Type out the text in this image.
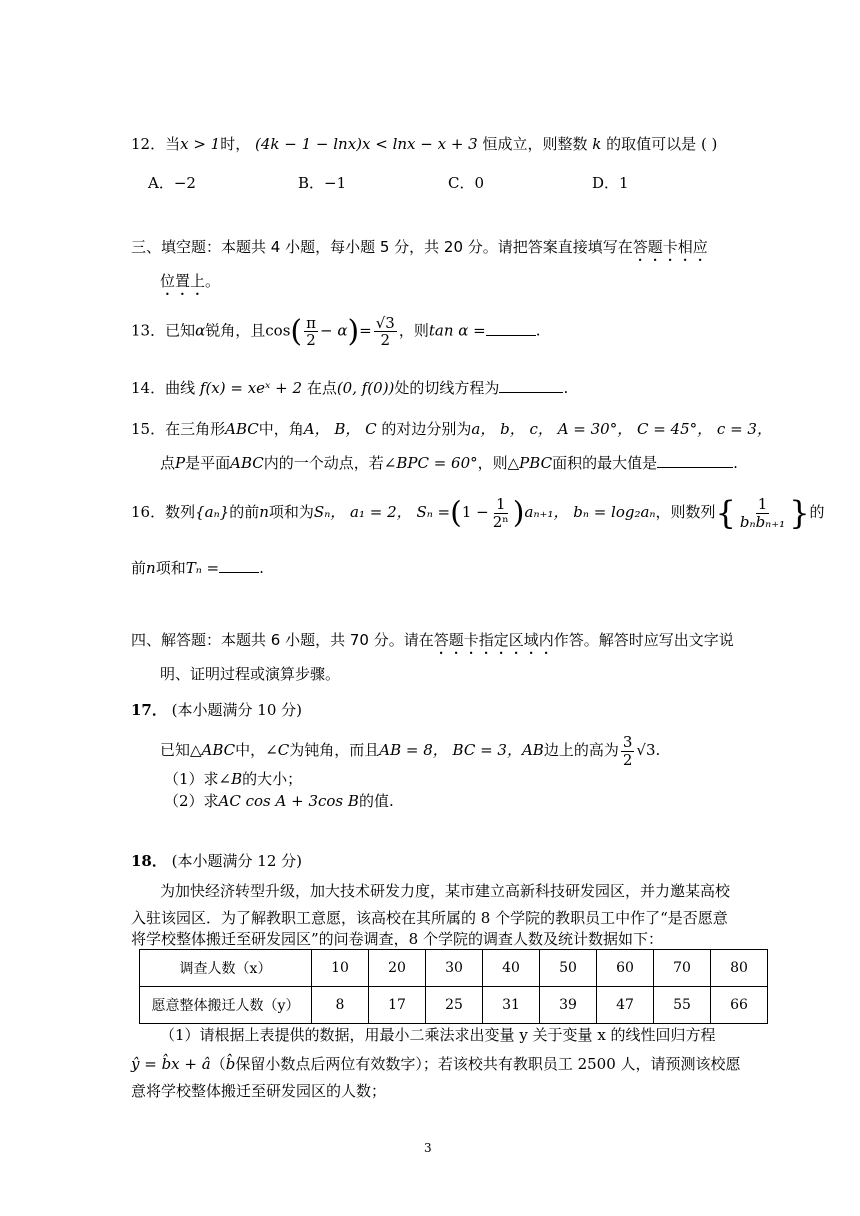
12．当x > 1时， (4k − 1 − lnx)x < lnx − x + 3 恒成立，则整数 k 的取值可以是 ( )
A．−2	B．−1	C．0	D．1
三、填空题：本题共 4 小题，每小题 5 分，共 20 分。请把答案直接填写在答题卡相应
位置上。
13．已知α锐角，且$\cos( \frac{\pi}{2} - \alpha)= \frac{√3}{2}$ ，则tan α =	.
14．曲线 f(x) = xeˣ + 2 在点(0, f(0))处的切线方程为	.
15．在三角形ABC中，角A， B， C 的对边分别为a， b， c， A = 30°， C = 45°， c = 3，
点P是平面ABC内的一个动点，若∠BPC = 60°，则△PBC面积的最大值是	.
16．数列{aₙ}的前n项和为Sₙ， a₁ = 2， $S_n =(1 - \frac{1}{\text{2ⁿ}} )a_{n+1}$， bₙ = log₂aₙ，则数列{ $\frac{1}{\text{bₙbₙ₊₁}}$ }的
前n项和Tₙ =	.
四、解答题：本题共 6 小题，共 70 分。请在答题卡指定区域内作答。解答时应写出文字说
明、证明过程或演算步骤。
17． (本小题满分 10 分)
已知△ABC中，∠C为钝角，而且AB = 8， BC = 3，AB边上的高为 $\frac{3}{2} √3$.
（1）求∠B的大小；
（2）求AC cos A + 3cos B的值.
18． (本小题满分 12 分)
为加快经济转型升级，加大技术研发力度，某市建立高新科技研发园区，并力邀某高校
入驻该园区．为了解教职工意愿，该高校在其所属的 8 个学院的教职员工中作了“是否愿意
将学校整体搬迁至研发园区”的问卷调查，8 个学院的调查人数及统计数据如下：
调查人数（x）	10	20	30	40	50	60	70	80
愿意整体搬迁人数（y）	8	17	25	31	39	47	55	66
（1）请根据上表提供的数据，用最小二乘法求出变量 y 关于变量 x 的线性回归方程
ŷ = b̂x + â（b̂保留小数点后两位有效数字）；若该校共有教职员工 2500 人，请预测该校愿
意将学校整体搬迁至研发园区的人数；
3
